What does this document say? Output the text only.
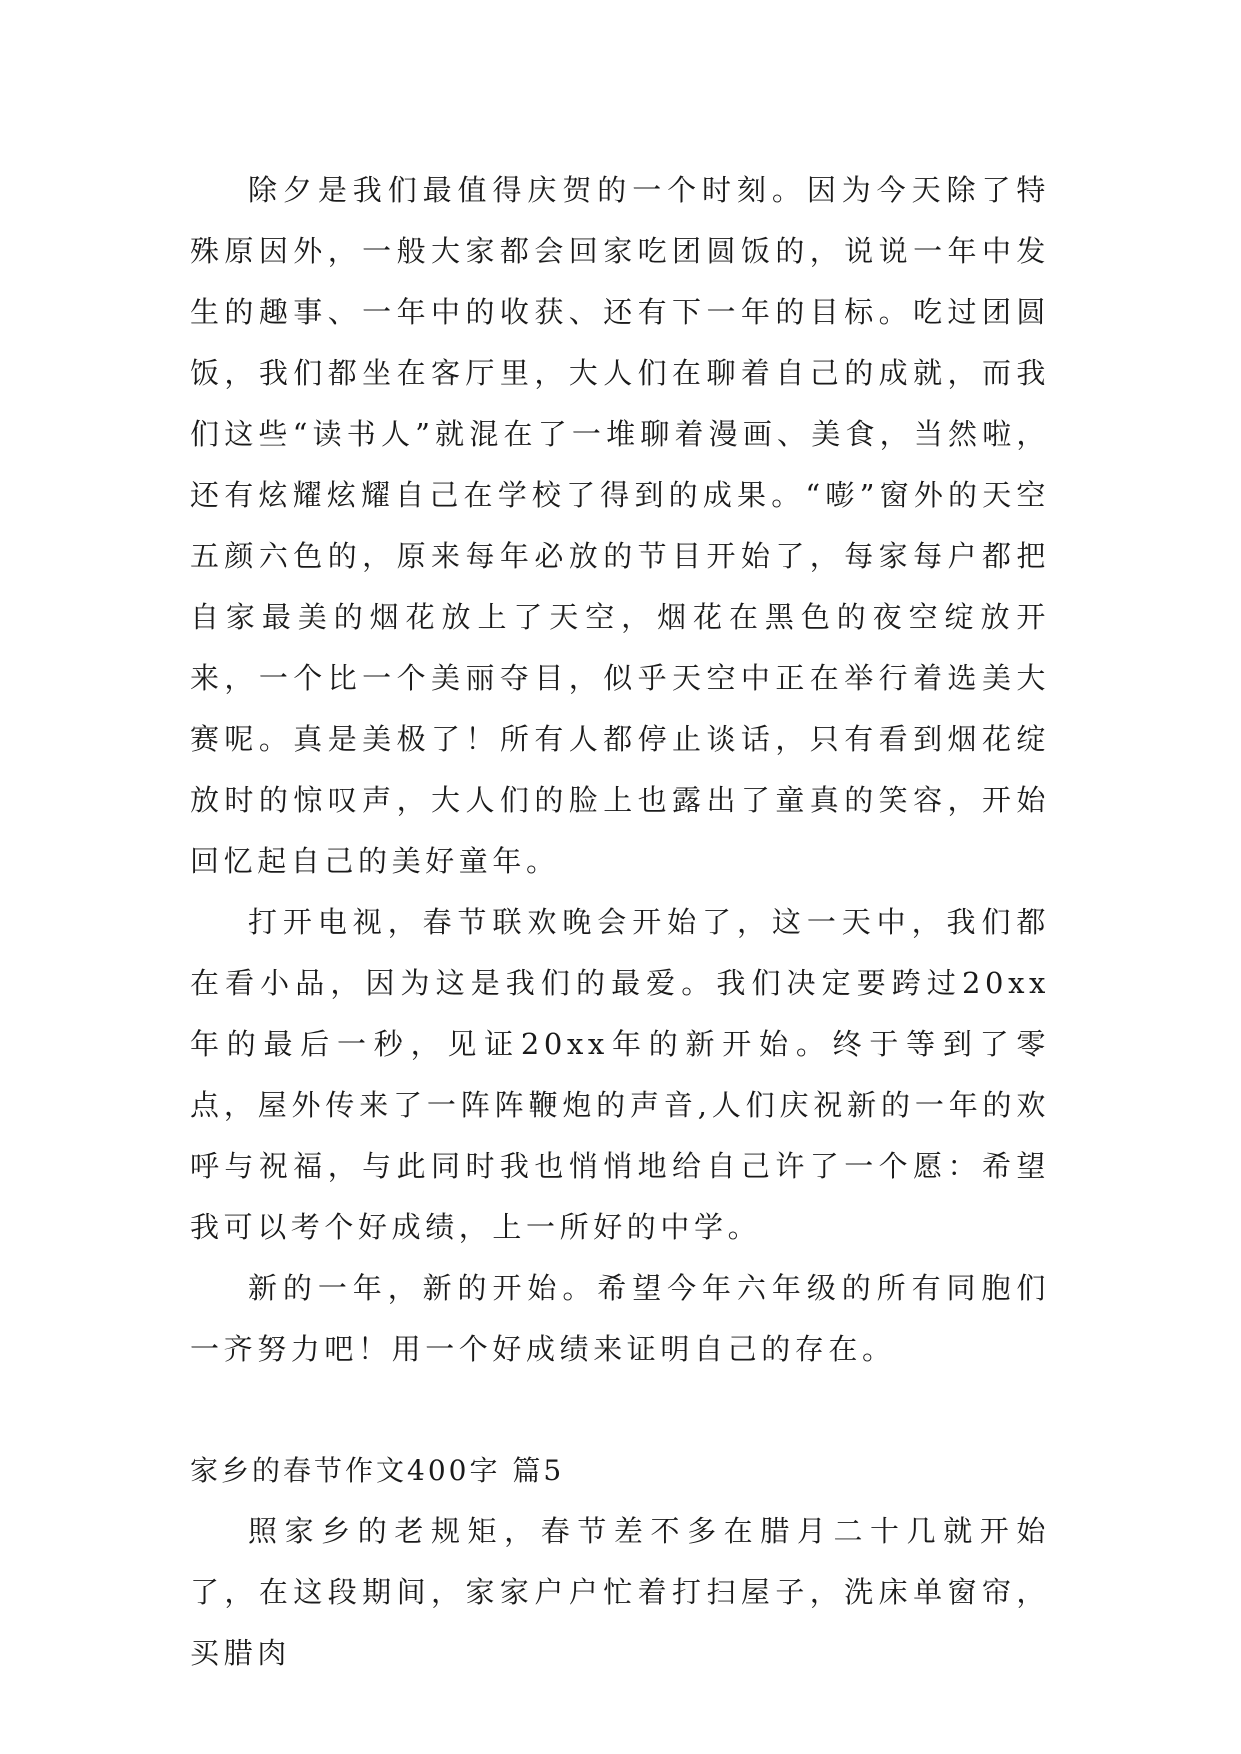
除夕是我们最值得庆贺的一个时刻。因为今天除了特殊原因外，一般大家都会回家吃团圆饭的，说说一年中发生的趣事、一年中的收获、还有下一年的目标。吃过团圆饭，我们都坐在客厅里，大人们在聊着自己的成就，而我们这些“读书人”就混在了一堆聊着漫画、美食，当然啦，还有炫耀炫耀自己在学校了得到的成果。“嘭”窗外的天空五颜六色的，原来每年必放的节目开始了，每家每户都把自家最美的烟花放上了天空，烟花在黑色的夜空绽放开来，一个比一个美丽夺目，似乎天空中正在举行着选美大赛呢。真是美极了！所有人都停止谈话，只有看到烟花绽放时的惊叹声，大人们的脸上也露出了童真的笑容，开始回忆起自己的美好童年。

打开电视，春节联欢晚会开始了，这一天中，我们都在看小品，因为这是我们的最爱。我们决定要跨过20xx年的最后一秒，见证20xx年的新开始。终于等到了零点，屋外传来了一阵阵鞭炮的声音,人们庆祝新的一年的欢呼与祝福，与此同时我也悄悄地给自己许了一个愿：希望我可以考个好成绩，上一所好的中学。

新的一年，新的开始。希望今年六年级的所有同胞们一齐努力吧！用一个好成绩来证明自己的存在。

家乡的春节作文400字 篇5

照家乡的老规矩，春节差不多在腊月二十几就开始了，在这段期间，家家户户忙着打扫屋子，洗床单窗帘，买腊肉
